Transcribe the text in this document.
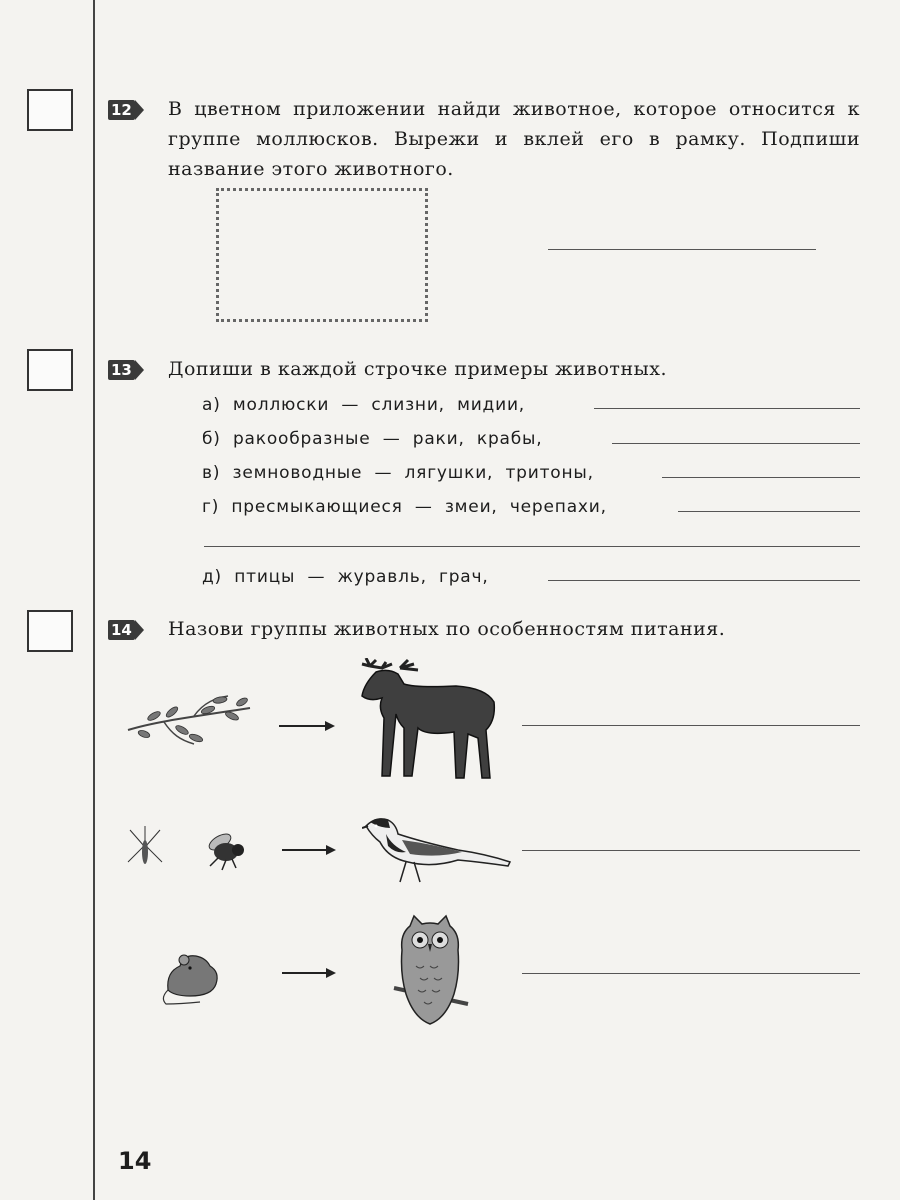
12 В цветном приложении найди животное, которое относится к группе моллюсков. Вырежи и вклей его в рамку. Подпиши название этого животного.
13 Допиши в каждой строчке примеры животных.
а) моллюски — слизни, мидии,
б) ракообразные — раки, крабы,
в) земноводные — лягушки, тритоны,
г) пресмыкающиеся — змеи, черепахи,
д) птицы — журавль, грач,
14 Назови группы животных по особенностям питания.
14
